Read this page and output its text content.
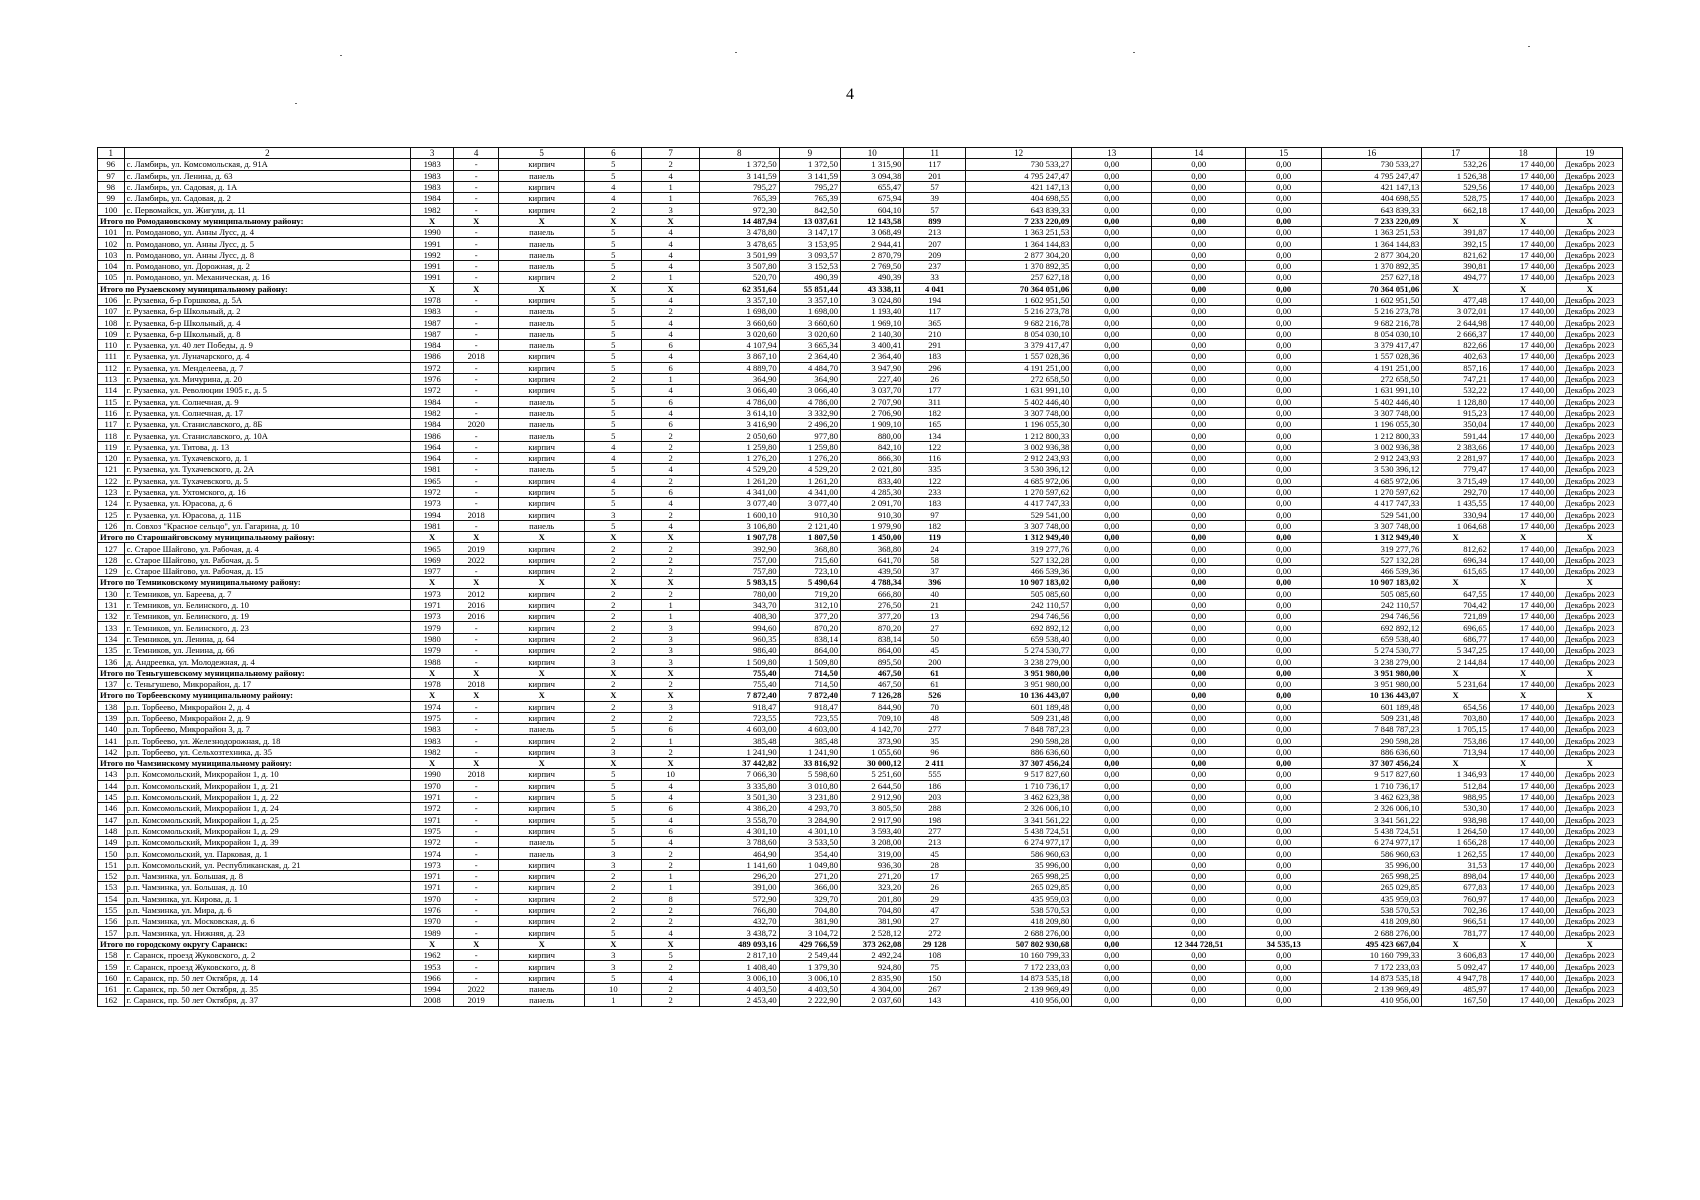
4
1	2	3	4	5	6	7	8	9	10	11	12	13	14	15	16	17	18	19
96	с. Ламбирь, ул. Комсомольская, д. 91А	1983	-	кирпич	5	2	1 372,50	1 372,50	1 315,90	117	730 533,27	0,00	0,00	0,00	730 533,27	532,26	17 440,00	Декабрь 2023
97	с. Ламбирь, ул. Ленина, д. 63	1983	-	панель	5	4	3 141,59	3 141,59	3 094,38	201	4 795 247,47	0,00	0,00	0,00	4 795 247,47	1 526,38	17 440,00	Декабрь 2023
98	с. Ламбирь, ул. Садовая, д. 1А	1983	-	кирпич	4	1	795,27	795,27	655,47	57	421 147,13	0,00	0,00	0,00	421 147,13	529,56	17 440,00	Декабрь 2023
99	с. Ламбирь, ул. Садовая, д. 2	1984	-	кирпич	4	1	765,39	765,39	675,94	39	404 698,55	0,00	0,00	0,00	404 698,55	528,75	17 440,00	Декабрь 2023
100	с. Первомайск, ул. Жигули, д. 11	1982	-	кирпич	2	3	972,30	842,50	604,10	57	643 839,33	0,00	0,00	0,00	643 839,33	662,18	17 440,00	Декабрь 2023
Итого по Ромодановскому муниципальному району:		X	X	X	X	X	14 487,94	13 037,61	12 143,58	899	7 233 220,09	0,00	0,00	0,00	7 233 220,09	X	X	X
101	п. Ромоданово, ул. Анны Лусс, д. 4	1990	-	панель	5	4	3 478,80	3 147,17	3 068,49	213	1 363 251,53	0,00	0,00	0,00	1 363 251,53	391,87	17 440,00	Декабрь 2023
102	п. Ромоданово, ул. Анны Лусс, д. 5	1991	-	панель	5	4	3 478,65	3 153,95	2 944,41	207	1 364 144,83	0,00	0,00	0,00	1 364 144,83	392,15	17 440,00	Декабрь 2023
103	п. Ромоданово, ул. Анны Лусс, д. 8	1992	-	панель	5	4	3 501,99	3 093,57	2 870,79	209	2 877 304,20	0,00	0,00	0,00	2 877 304,20	821,62	17 440,00	Декабрь 2023
104	п. Ромоданово, ул. Дорожная, д. 2	1991	-	панель	5	4	3 507,80	3 152,53	2 769,50	237	1 370 892,35	0,00	0,00	0,00	1 370 892,35	390,81	17 440,00	Декабрь 2023
105	п. Ромоданово, ул. Механическая, д. 16	1991	-	кирпич	2	1	520,70	490,39	490,39	33	257 627,18	0,00	0,00	0,00	257 627,18	494,77	17 440,00	Декабрь 2023
Итого по Рузаевскому муниципальному району:		X	X	X	X	X	62 351,64	55 851,44	43 338,11	4 041	70 364 051,06	0,00	0,00	0,00	70 364 051,06	X	X	X
106	г. Рузаевка, б-р Горшкова, д. 5А	1978	-	кирпич	5	4	3 357,10	3 357,10	3 024,80	194	1 602 951,50	0,00	0,00	0,00	1 602 951,50	477,48	17 440,00	Декабрь 2023
107	г. Рузаевка, б-р Школьный, д. 2	1983	-	панель	5	2	1 698,00	1 698,00	1 193,40	117	5 216 273,78	0,00	0,00	0,00	5 216 273,78	3 072,01	17 440,00	Декабрь 2023
108	г. Рузаевка, б-р Школьный, д. 4	1987	-	панель	5	4	3 660,60	3 660,60	1 969,10	365	9 682 216,78	0,00	0,00	0,00	9 682 216,78	2 644,98	17 440,00	Декабрь 2023
109	г. Рузаевка, б-р Школьный, д. 8	1987	-	панель	5	4	3 020,60	3 020,60	2 140,30	210	8 054 030,10	0,00	0,00	0,00	8 054 030,10	2 666,37	17 440,00	Декабрь 2023
110	г. Рузаевка, ул. 40 лет Победы, д. 9	1984	-	панель	5	6	4 107,94	3 665,34	3 400,41	291	3 379 417,47	0,00	0,00	0,00	3 379 417,47	822,66	17 440,00	Декабрь 2023
111	г. Рузаевка, ул. Луначарского, д. 4	1986	2018	кирпич	5	4	3 867,10	2 364,40	2 364,40	183	1 557 028,36	0,00	0,00	0,00	1 557 028,36	402,63	17 440,00	Декабрь 2023
112	г. Рузаевка, ул. Менделеева, д. 7	1972	-	кирпич	5	6	4 889,70	4 484,70	3 947,90	296	4 191 251,00	0,00	0,00	0,00	4 191 251,00	857,16	17 440,00	Декабрь 2023
113	г. Рузаевка, ул. Мичурина, д. 20	1976	-	кирпич	2	1	364,90	364,90	227,40	26	272 658,50	0,00	0,00	0,00	272 658,50	747,21	17 440,00	Декабрь 2023
114	г. Рузаевка, ул. Революции 1905 г., д. 5	1972	-	кирпич	5	4	3 066,40	3 066,40	3 037,70	177	1 631 991,10	0,00	0,00	0,00	1 631 991,10	532,22	17 440,00	Декабрь 2023
115	г. Рузаевка, ул. Солнечная, д. 9	1984	-	панель	5	6	4 786,00	4 786,00	2 707,90	311	5 402 446,40	0,00	0,00	0,00	5 402 446,40	1 128,80	17 440,00	Декабрь 2023
116	г. Рузаевка, ул. Солнечная, д. 17	1982	-	панель	5	4	3 614,10	3 332,90	2 706,90	182	3 307 748,00	0,00	0,00	0,00	3 307 748,00	915,23	17 440,00	Декабрь 2023
117	г. Рузаевка, ул. Станиславского, д. 8Б	1984	2020	панель	5	6	3 416,90	2 496,20	1 909,10	165	1 196 055,30	0,00	0,00	0,00	1 196 055,30	350,04	17 440,00	Декабрь 2023
118	г. Рузаевка, ул. Станиславского, д. 10А	1986	-	панель	5	2	2 050,60	977,80	880,00	134	1 212 800,33	0,00	0,00	0,00	1 212 800,33	591,44	17 440,00	Декабрь 2023
119	г. Рузаевка, ул. Титова, д. 13	1964	-	кирпич	4	2	1 259,80	1 259,80	842,10	122	3 002 936,38	0,00	0,00	0,00	3 002 936,38	2 383,66	17 440,00	Декабрь 2023
120	г. Рузаевка, ул. Тухачевского, д. 1	1964	-	кирпич	4	2	1 276,20	1 276,20	866,30	116	2 912 243,93	0,00	0,00	0,00	2 912 243,93	2 281,97	17 440,00	Декабрь 2023
121	г. Рузаевка, ул. Тухачевского, д. 2А	1981	-	панель	5	4	4 529,20	4 529,20	2 021,80	335	3 530 396,12	0,00	0,00	0,00	3 530 396,12	779,47	17 440,00	Декабрь 2023
122	г. Рузаевка, ул. Тухачевского, д. 5	1965	-	кирпич	4	2	1 261,20	1 261,20	833,40	122	4 685 972,06	0,00	0,00	0,00	4 685 972,06	3 715,49	17 440,00	Декабрь 2023
123	г. Рузаевка, ул. Ухтомского, д. 16	1972	-	кирпич	5	6	4 341,00	4 341,00	4 285,30	233	1 270 597,62	0,00	0,00	0,00	1 270 597,62	292,70	17 440,00	Декабрь 2023
124	г. Рузаевка, ул. Юрасова, д. 6	1973	-	кирпич	5	4	3 077,40	3 077,40	2 091,70	183	4 417 747,33	0,00	0,00	0,00	4 417 747,33	1 435,55	17 440,00	Декабрь 2023
125	г. Рузаевка, ул. Юрасова, д. 11Б	1994	2018	кирпич	3	2	1 600,10	910,30	910,30	97	529 541,00	0,00	0,00	0,00	529 541,00	330,94	17 440,00	Декабрь 2023
126	п. Совхоз "Красное сельцо", ул. Гагарина, д. 10	1981	-	панель	5	4	3 106,80	2 121,40	1 979,90	182	3 307 748,00	0,00	0,00	0,00	3 307 748,00	1 064,68	17 440,00	Декабрь 2023
Итого по Старошайговскому муниципальному району:		X	X	X	X	X	1 907,78	1 807,50	1 450,00	119	1 312 949,40	0,00	0,00	0,00	1 312 949,40	X	X	X
127	с. Старое Шайгово, ул. Рабочая, д. 4	1965	2019	кирпич	2	2	392,90	368,80	368,80	24	319 277,76	0,00	0,00	0,00	319 277,76	812,62	17 440,00	Декабрь 2023
128	с. Старое Шайгово, ул. Рабочая, д. 5	1969	2022	кирпич	2	2	757,00	715,60	641,70	58	527 132,28	0,00	0,00	0,00	527 132,28	696,34	17 440,00	Декабрь 2023
129	с. Старое Шайгово, ул. Рабочая, д. 15	1977	-	кирпич	2	2	757,80	723,10	439,50	37	466 539,36	0,00	0,00	0,00	466 539,36	615,65	17 440,00	Декабрь 2023
Итого по Темниковскому муниципальному району:		X	X	X	X	X	5 983,15	5 490,64	4 788,34	396	10 907 183,02	0,00	0,00	0,00	10 907 183,02	X	X	X
130	г. Темников, ул. Бареева, д. 7	1973	2012	кирпич	2	2	780,00	719,20	666,80	40	505 085,60	0,00	0,00	0,00	505 085,60	647,55	17 440,00	Декабрь 2023
131	г. Темников, ул. Белинского, д. 10	1971	2016	кирпич	2	1	343,70	312,10	276,50	21	242 110,57	0,00	0,00	0,00	242 110,57	704,42	17 440,00	Декабрь 2023
132	г. Темников, ул. Белинского, д. 19	1973	2016	кирпич	2	1	408,30	377,20	377,20	13	294 746,56	0,00	0,00	0,00	294 746,56	721,89	17 440,00	Декабрь 2023
133	г. Темников, ул. Белинского, д. 23	1979	-	кирпич	2	3	994,60	870,20	870,20	27	692 892,12	0,00	0,00	0,00	692 892,12	696,65	17 440,00	Декабрь 2023
134	г. Темников, ул. Ленина, д. 64	1980	-	кирпич	2	3	960,35	838,14	838,14	50	659 538,40	0,00	0,00	0,00	659 538,40	686,77	17 440,00	Декабрь 2023
135	г. Темников, ул. Ленина, д. 66	1979	-	кирпич	2	3	986,40	864,00	864,00	45	5 274 530,77	0,00	0,00	0,00	5 274 530,77	5 347,25	17 440,00	Декабрь 2023
136	д. Андреевка, ул. Молодежная, д. 4	1988	-	кирпич	3	3	1 509,80	1 509,80	895,50	200	3 238 279,00	0,00	0,00	0,00	3 238 279,00	2 144,84	17 440,00	Декабрь 2023
Итого по Теньгушевскому муниципальному району:		X	X	X	X	X	755,40	714,50	467,50	61	3 951 980,00	0,00	0,00	0,00	3 951 980,00	X	X	X
137	с. Теньгушево, Микрорайон, д. 17	1978	2018	кирпич	2	2	755,40	714,50	467,50	61	3 951 980,00	0,00	0,00	0,00	3 951 980,00	5 231,64	17 440,00	Декабрь 2023
Итого по Торбеевскому муниципальному району:		X	X	X	X	X	7 872,40	7 872,40	7 126,28	526	10 136 443,07	0,00	0,00	0,00	10 136 443,07	X	X	X
138	р.п. Торбеево, Микрорайон 2, д. 4	1974	-	кирпич	2	3	918,47	918,47	844,90	70	601 189,48	0,00	0,00	0,00	601 189,48	654,56	17 440,00	Декабрь 2023
139	р.п. Торбеево, Микрорайон 2, д. 9	1975	-	кирпич	2	2	723,55	723,55	709,10	48	509 231,48	0,00	0,00	0,00	509 231,48	703,80	17 440,00	Декабрь 2023
140	р.п. Торбеево, Микрорайон 3, д. 7	1983	-	панель	5	6	4 603,00	4 603,00	4 142,70	277	7 848 787,23	0,00	0,00	0,00	7 848 787,23	1 705,15	17 440,00	Декабрь 2023
141	р.п. Торбеево, ул. Железнодорожная, д. 18	1983	-	кирпич	2	1	385,48	385,48	373,90	35	290 598,28	0,00	0,00	0,00	290 598,28	753,86	17 440,00	Декабрь 2023
142	р.п. Торбеево, ул. Сельхозтехника, д. 35	1982	-	кирпич	3	2	1 241,90	1 241,90	1 055,60	96	886 636,60	0,00	0,00	0,00	886 636,60	713,94	17 440,00	Декабрь 2023
Итого по Чамзинскому муниципальному району:		X	X	X	X	X	37 442,82	33 816,92	30 000,12	2 411	37 307 456,24	0,00	0,00	0,00	37 307 456,24	X	X	X
143	р.п. Комсомольский, Микрорайон 1, д. 10	1990	2018	кирпич	5	10	7 066,30	5 598,60	5 251,60	555	9 517 827,60	0,00	0,00	0,00	9 517 827,60	1 346,93	17 440,00	Декабрь 2023
144	р.п. Комсомольский, Микрорайон 1, д. 21	1970	-	кирпич	5	4	3 335,80	3 010,80	2 644,50	186	1 710 736,17	0,00	0,00	0,00	1 710 736,17	512,84	17 440,00	Декабрь 2023
145	р.п. Комсомольский, Микрорайон 1, д. 22	1971	-	кирпич	5	4	3 501,30	3 231,80	2 912,90	203	3 462 623,38	0,00	0,00	0,00	3 462 623,38	988,95	17 440,00	Декабрь 2023
146	р.п. Комсомольский, Микрорайон 1, д. 24	1972	-	кирпич	5	6	4 386,20	4 293,70	3 805,50	288	2 326 006,10	0,00	0,00	0,00	2 326 006,10	530,30	17 440,00	Декабрь 2023
147	р.п. Комсомольский, Микрорайон 1, д. 25	1971	-	кирпич	5	4	3 558,70	3 284,90	2 917,90	198	3 341 561,22	0,00	0,00	0,00	3 341 561,22	938,98	17 440,00	Декабрь 2023
148	р.п. Комсомольский, Микрорайон 1, д. 29	1975	-	кирпич	5	6	4 301,10	4 301,10	3 593,40	277	5 438 724,51	0,00	0,00	0,00	5 438 724,51	1 264,50	17 440,00	Декабрь 2023
149	р.п. Комсомольский, Микрорайон 1, д. 39	1972	-	панель	5	4	3 788,60	3 533,50	3 208,00	213	6 274 977,17	0,00	0,00	0,00	6 274 977,17	1 656,28	17 440,00	Декабрь 2023
150	р.п. Комсомольский, ул. Парковая, д. 1	1974	-	панель	3	2	464,90	354,40	319,00	45	586 960,63	0,00	0,00	0,00	586 960,63	1 262,55	17 440,00	Декабрь 2023
151	р.п. Комсомольский, ул. Республиканская, д. 21	1973	-	кирпич	3	2	1 141,60	1 049,80	936,30	28	35 996,00	0,00	0,00	0,00	35 996,00	31,53	17 440,00	Декабрь 2023
152	р.п. Чамзинка, ул. Большая, д. 8	1971	-	кирпич	2	1	296,20	271,20	271,20	17	265 998,25	0,00	0,00	0,00	265 998,25	898,04	17 440,00	Декабрь 2023
153	р.п. Чамзинка, ул. Большая, д. 10	1971	-	кирпич	2	1	391,00	366,00	323,20	26	265 029,85	0,00	0,00	0,00	265 029,85	677,83	17 440,00	Декабрь 2023
154	р.п. Чамзинка, ул. Кирова, д. 1	1970	-	кирпич	2	8	572,90	329,70	201,80	29	435 959,03	0,00	0,00	0,00	435 959,03	760,97	17 440,00	Декабрь 2023
155	р.п. Чамзинка, ул. Мира, д. 6	1976	-	кирпич	2	2	766,80	704,80	704,80	47	538 570,53	0,00	0,00	0,00	538 570,53	702,36	17 440,00	Декабрь 2023
156	р.п. Чамзинка, ул. Московская, д. 6	1970	-	кирпич	2	2	432,70	381,90	381,90	27	418 209,80	0,00	0,00	0,00	418 209,80	966,51	17 440,00	Декабрь 2023
157	р.п. Чамзинка, ул. Нижняя, д. 23	1989	-	кирпич	5	4	3 438,72	3 104,72	2 528,12	272	2 688 276,00	0,00	0,00	0,00	2 688 276,00	781,77	17 440,00	Декабрь 2023
Итого по городскому округу Саранск:		X	X	X	X	X	489 093,16	429 766,59	373 262,08	29 128	507 802 930,68	0,00	12 344 728,51	34 535,13	495 423 667,04	X	X	X
158	г. Саранск, проезд Жуковского, д. 2	1962	-	кирпич	3	5	2 817,10	2 549,44	2 492,24	108	10 160 799,33	0,00	0,00	0,00	10 160 799,33	3 606,83	17 440,00	Декабрь 2023
159	г. Саранск, проезд Жуковского, д. 8	1953	-	кирпич	3	2	1 408,40	1 379,30	924,80	75	7 172 233,03	0,00	0,00	0,00	7 172 233,03	5 092,47	17 440,00	Декабрь 2023
160	г. Саранск, пр. 50 лет Октября, д. 14	1966	-	кирпич	5	4	3 006,10	3 006,10	2 835,90	150	14 873 535,18	0,00	0,00	0,00	14 873 535,18	4 947,78	17 440,00	Декабрь 2023
161	г. Саранск, пр. 50 лет Октября, д. 35	1994	2022	панель	10	2	4 403,50	4 403,50	4 304,00	267	2 139 969,49	0,00	0,00	0,00	2 139 969,49	485,97	17 440,00	Декабрь 2023
162	г. Саранск, пр. 50 лет Октября, д. 37	2008	2019	панель	1	2	2 453,40	2 222,90	2 037,60	143	410 956,00	0,00	0,00	0,00	410 956,00	167,50	17 440,00	Декабрь 2023
